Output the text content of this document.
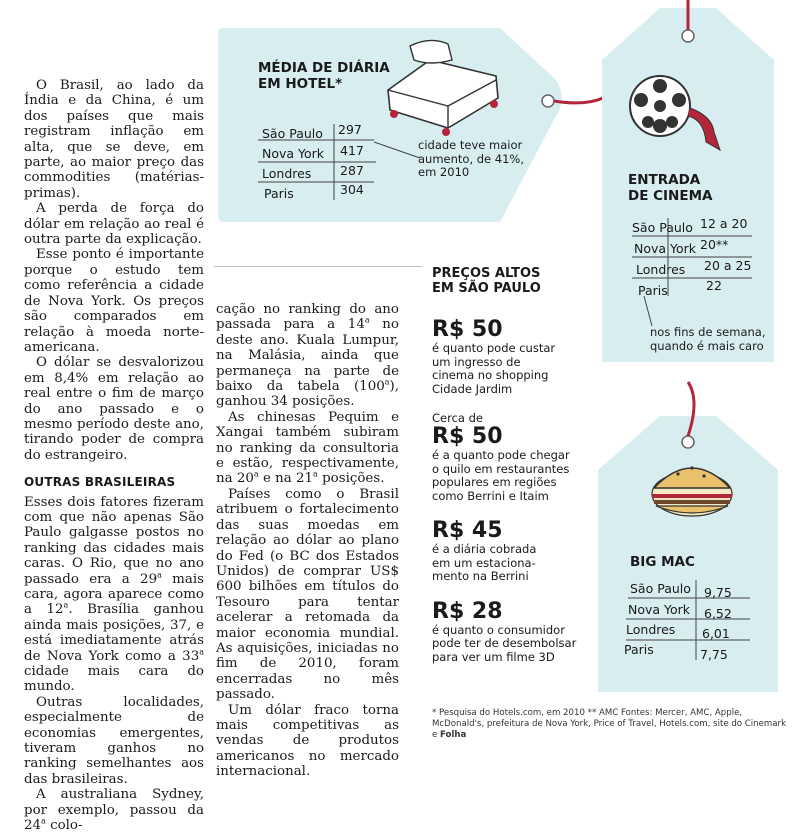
O Brasil, ao lado da Índia e da China, é um dos países que mais registram inflação em alta, que se deve, em parte, ao maior preço das commodities (matérias-primas).

A perda de força do dólar em relação ao real é outra parte da explicação.

Esse ponto é importante porque o estudo tem como referência a cidade de Nova York. Os preços são comparados em relação à moeda norte-americana.

O dólar se desvalorizou em 8,4% em relação ao real entre o fim de março do ano passado e o mesmo período deste ano, tirando poder de compra do estrangeiro.

OUTRAS BRASILEIRAS

Esses dois fatores fizeram com que não apenas São Paulo galgasse postos no ranking das cidades mais caras. O Rio, que no ano passado era a 29$^a$ mais cara, agora aparece como a 12$^a$. Brasília ganhou ainda mais posições, 37, e está imediatamente atrás de Nova York como a 33$^a$ cidade mais cara do mundo.

Outras localidades, especialmente de economias emergentes, tiveram ganhos no ranking semelhantes aos das brasileiras.

A australiana Sydney, por exemplo, passou da 24$^a$ colo-

cação no ranking do ano passada para a 14$^a$ no deste ano. Kuala Lumpur, na Malásia, ainda que permaneça na parte de baixo da tabela (100$^a$), ganhou 34 posições.

As chinesas Pequim e Xangai também subiram no ranking da consultoria e estão, respectivamente, na 20$^a$ e na 21$^a$ posições.

Países como o Brasil atribuem o fortalecimento das suas moedas em relação ao dólar ao plano do Fed (o BC dos Estados Unidos) de comprar US$ 600 bilhões em títulos do Tesouro para tentar acelerar a retomada da maior economia mundial. As aquisições, iniciadas no fim de 2010, foram encerradas no mês passado.

Um dólar fraco torna mais competitivas as vendas de produtos americanos no mercado internacional.

MÉDIA DE DIÁRIA
EM HOTEL*
São Paulo 297
Nova York 417
Londres 287
Paris	304
cidade teve maior aumento, de 41%, em 2010	ENTRADA
DE CINEMA
São Paulo 12 a 20
Nova York 20**
Londres 20 a 25
Paris	22
nos fins de semana, quando é mais caro
BIG MAC
São Paulo 9,75
Nova York 6,52
Londres 6,01
Paris	7,75
PREÇOS ALTOS
EM SÃO PAULO
R$ 50
é quanto pode custar
um ingresso de
cinema no shopping
Cidade Jardim
Cerca de
R$ 50
é a quanto pode chegar
o quilo em restaurantes
populares em regiões
como Berrini e Itaim
R$ 45
é a diária cobrada
em um estaciona-
mento na Berrini
R$ 28
é quanto o consumidor
pode ter de desembolsar
para ver um filme 3D
* Pesquisa do Hotels.com, em 2010 ** AMC Fontes: Mercer, AMC, Apple, McDonald's, prefeitura de Nova York, Price of Travel, Hotels.com, site do Cinemark e Folha
